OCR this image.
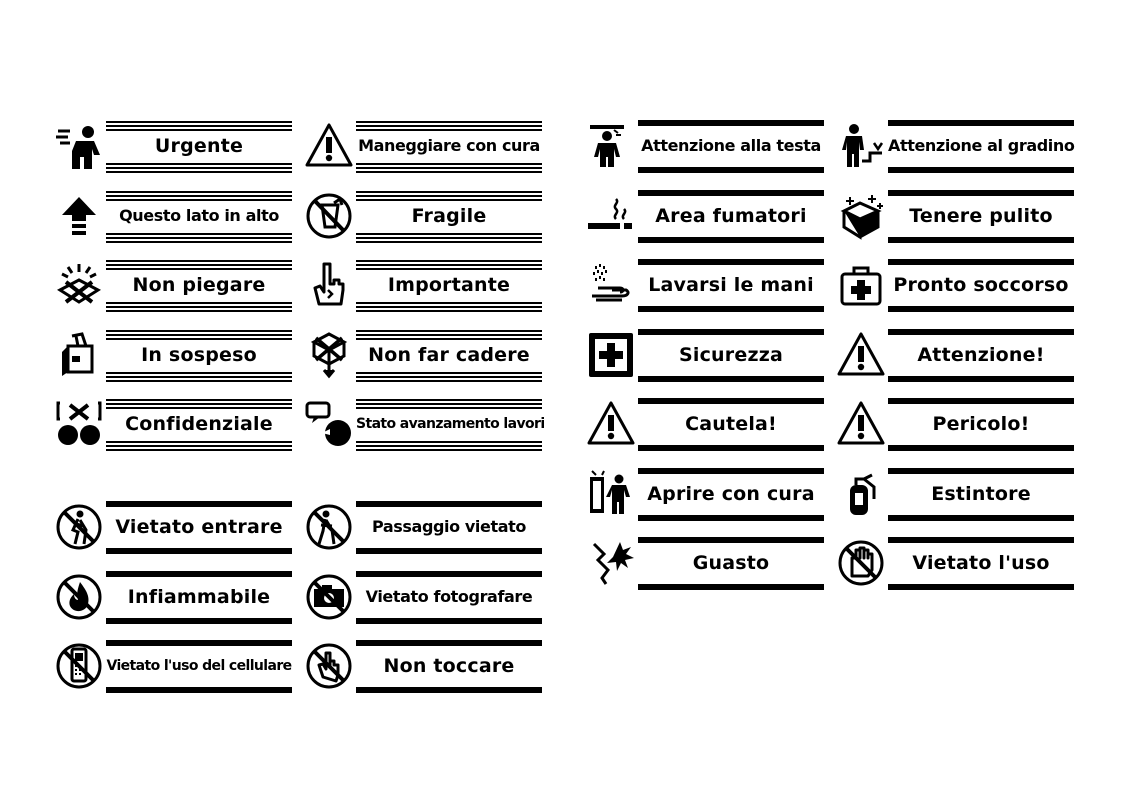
Urgente	Maneggiare con cura
Questo lato in alto	Fragile
Non piegare	Importante
In sospeso	Non far cadere
Confidenziale	Stato avanzamento lavori
Vietato entrare	Passaggio vietato
Infiammabile	Vietato fotografare
Vietato l'uso del cellulare	Non toccare
Attenzione alla testa	Attenzione al gradino
Area fumatori	Tenere pulito
Lavarsi le mani	Pronto soccorso
Sicurezza	Attenzione!
Cautela!	Pericolo!
Aprire con cura	Estintore
Guasto	Vietato l'uso
